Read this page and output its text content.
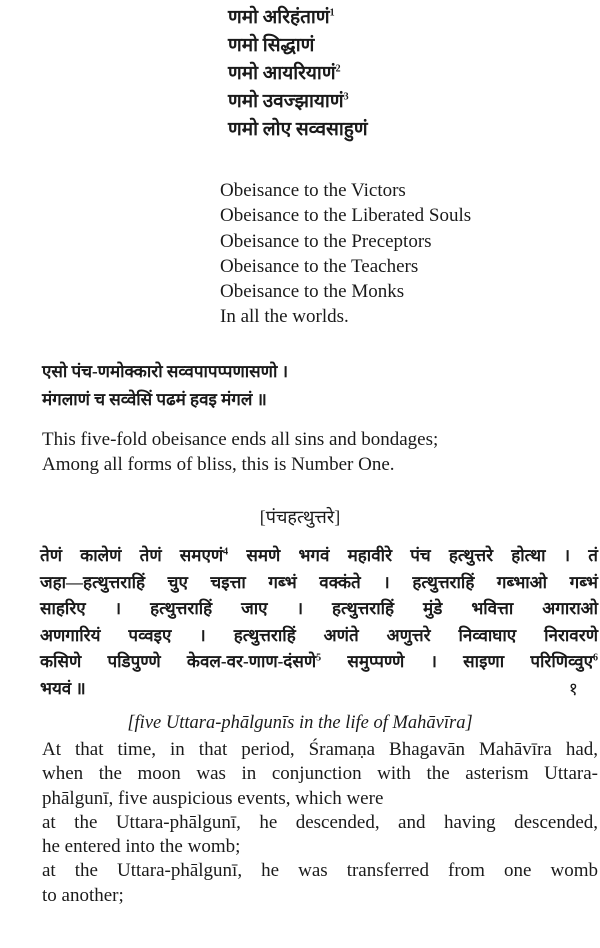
णमो अरिहंताणं$^1$
णमो सिद्धाणं
णमो आयरियाणं$^2$
णमो उवज्झायाणं$^3$
णमो लोए सव्वसाहुणं
Obeisance to the Victors
Obeisance to the Liberated Souls
Obeisance to the Preceptors
Obeisance to the Teachers
Obeisance to the Monks
In all the worlds.
एसो पंच-णमोक्कारो सव्वपापप्पणासणो ।
मंगलाणं च सव्वेसिं पढमं हवइ मंगलं ॥
This five-fold obeisance ends all sins and bondages;
Among all forms of bliss, this is Number One.
[पंचहत्थुत्तरे]
तेणं कालेणं तेणं समएणं$^4$ समणे भगवं महावीरे पंच हत्थुत्तरे होत्था । तं
जहा—हत्थुत्तराहिं चुए चइत्ता गब्भं वक्कंते । हत्थुत्तराहिं गब्भाओ गब्भं
साहरिए । हत्थुत्तराहिं जाए । हत्थुत्तराहिं मुंडे भवित्ता अगाराओ
अणगारियं पव्वइए । हत्थुत्तराहिं अणंते अणुत्तरे निव्वाघाए निरावरणे
कसिणे पडिपुण्णे केवल-वर-णाण-दंसणे$^5$ समुप्पण्णे । साइणा परिणिव्वुए$^6$
१
भयवं ॥
[five Uttara-phālgunīs in the life of Mahāvīra]
At that time, in that period, Śramaṇa Bhagavān Mahāvīra had,
when the moon was in conjunction with the asterism Uttara-
phālgunī, five auspicious events, which were
at the Uttara-phālgunī, he descended, and having descended,
he entered into the womb;
at the Uttara-phālgunī, he was transferred from one womb
to another;
